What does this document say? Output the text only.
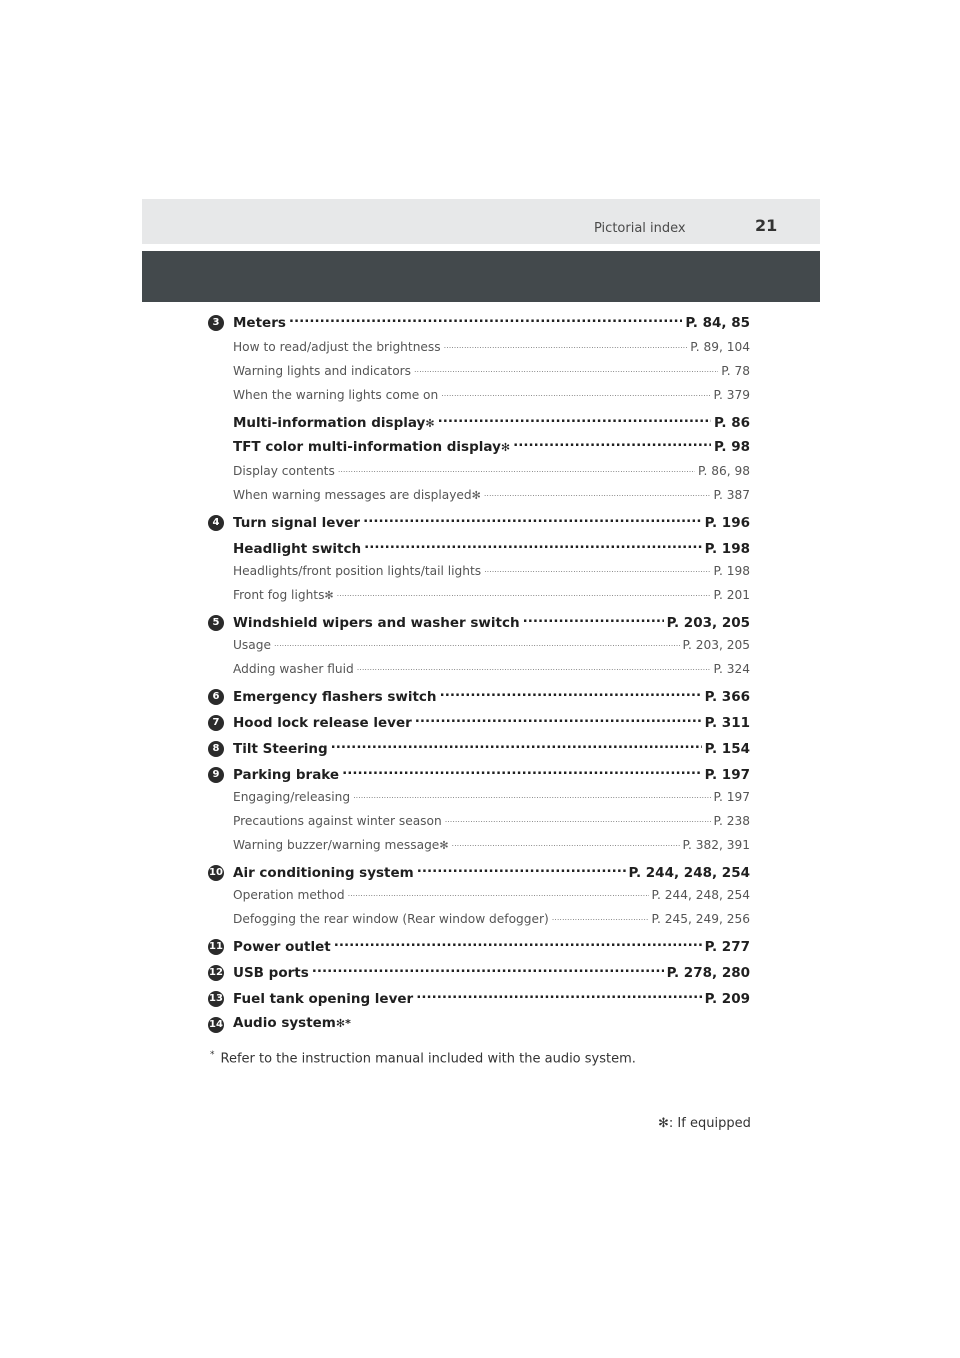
Pictorial index	21
3	Meters .....	P. 84, 85
How to read/adjust the brightness .....	P. 89, 104
Warning lights and indicators .....	P. 78
When the warning lights come on .....	P. 379
Multi-information display ✻ .....	P. 86
TFT color multi-information display ✻ .....	P. 98
Display contents .....	P. 86, 98
When warning messages are displayed ✻ .....	P. 387
4	Turn signal lever .....	P. 196
Headlight switch .....	P. 198
Headlights/front position lights/tail lights .....	P. 198
Front fog lights ✻ .....	P. 201
5	Windshield wipers and washer switch .....	P. 203, 205
Usage .....	P. 203, 205
Adding washer fluid .....	P. 324
6	Emergency flashers switch .....	P. 366
7	Hood lock release lever .....	P. 311
8	Tilt Steering .....	P. 154
9	Parking brake .....	P. 197
Engaging/releasing .....	P. 197
Precautions against winter season .....	P. 238
Warning buzzer/warning message ✻ .....	P. 382, 391
10 Air conditioning system .....	P. 244, 248, 254
Operation method .....	P. 244, 248, 254
Defogging the rear window (Rear window defogger) .....	P. 245, 249, 256
11 Power outlet .....	P. 277
12 USB ports .....	P. 278, 280
13 Fuel tank opening lever .....	P. 209
14 Audio system ✻*
* Refer to the instruction manual included with the audio system.
✻: If equipped
